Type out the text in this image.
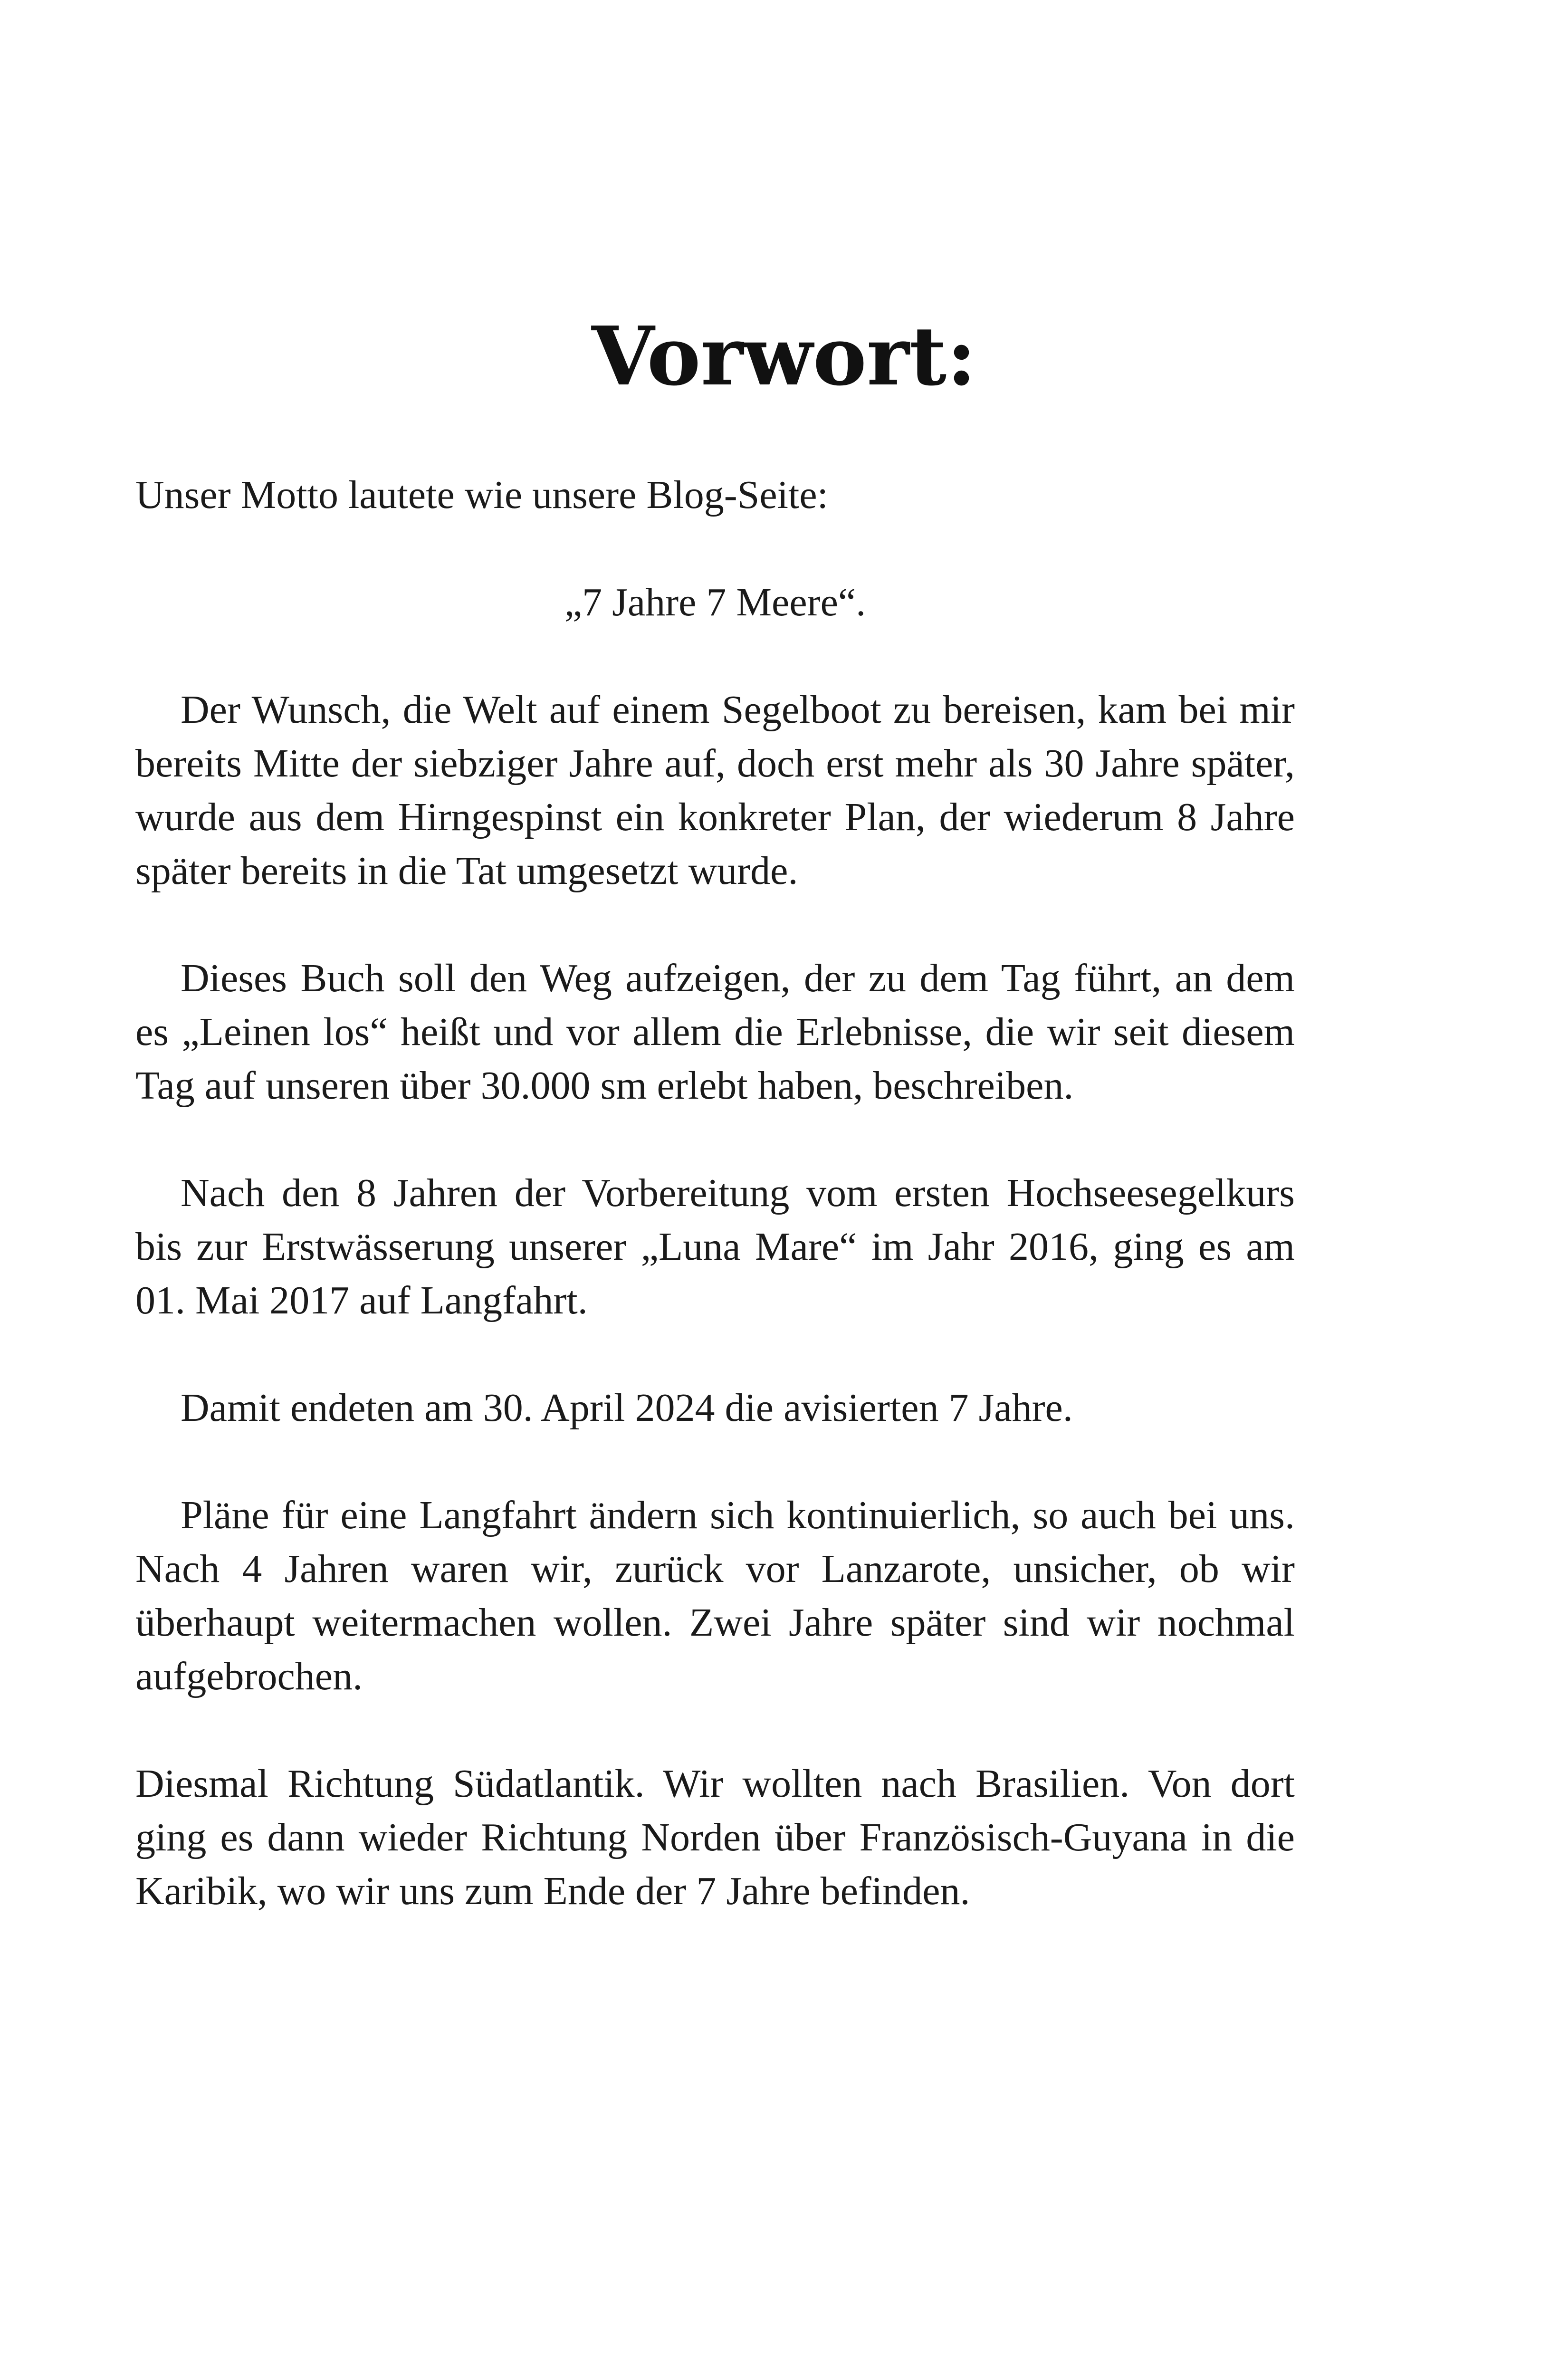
Vorwort:

Unser Motto lautete wie unsere Blog-Seite:

„7 Jahre 7 Meere“.

Der Wunsch, die Welt auf einem Segelboot zu bereisen, kam bei mir bereits Mitte der siebziger Jahre auf, doch erst mehr als 30 Jahre später, wurde aus dem Hirngespinst ein konkreter Plan, der wiederum 8 Jahre später bereits in die Tat umgesetzt wurde.

Dieses Buch soll den Weg aufzeigen, der zu dem Tag führt, an dem es „Leinen los“ heißt und vor allem die Erlebnisse, die wir seit diesem Tag auf unseren über 30.000 sm erlebt haben, beschreiben.

Nach den 8 Jahren der Vorbereitung vom ersten Hochseesegelkurs bis zur Erstwässerung unserer „Luna Mare“ im Jahr 2016, ging es am 01. Mai 2017 auf Langfahrt.

Damit endeten am 30. April 2024 die avisierten 7 Jahre.

Pläne für eine Langfahrt ändern sich kontinuierlich, so auch bei uns. Nach 4 Jahren waren wir, zurück vor Lanzarote, unsicher, ob wir überhaupt weitermachen wollen. Zwei Jahre später sind wir nochmal aufgebrochen.

Diesmal Richtung Südatlantik. Wir wollten nach Brasilien. Von dort ging es dann wieder Richtung Norden über Französisch-Guyana in die Karibik, wo wir uns zum Ende der 7 Jahre befinden.
